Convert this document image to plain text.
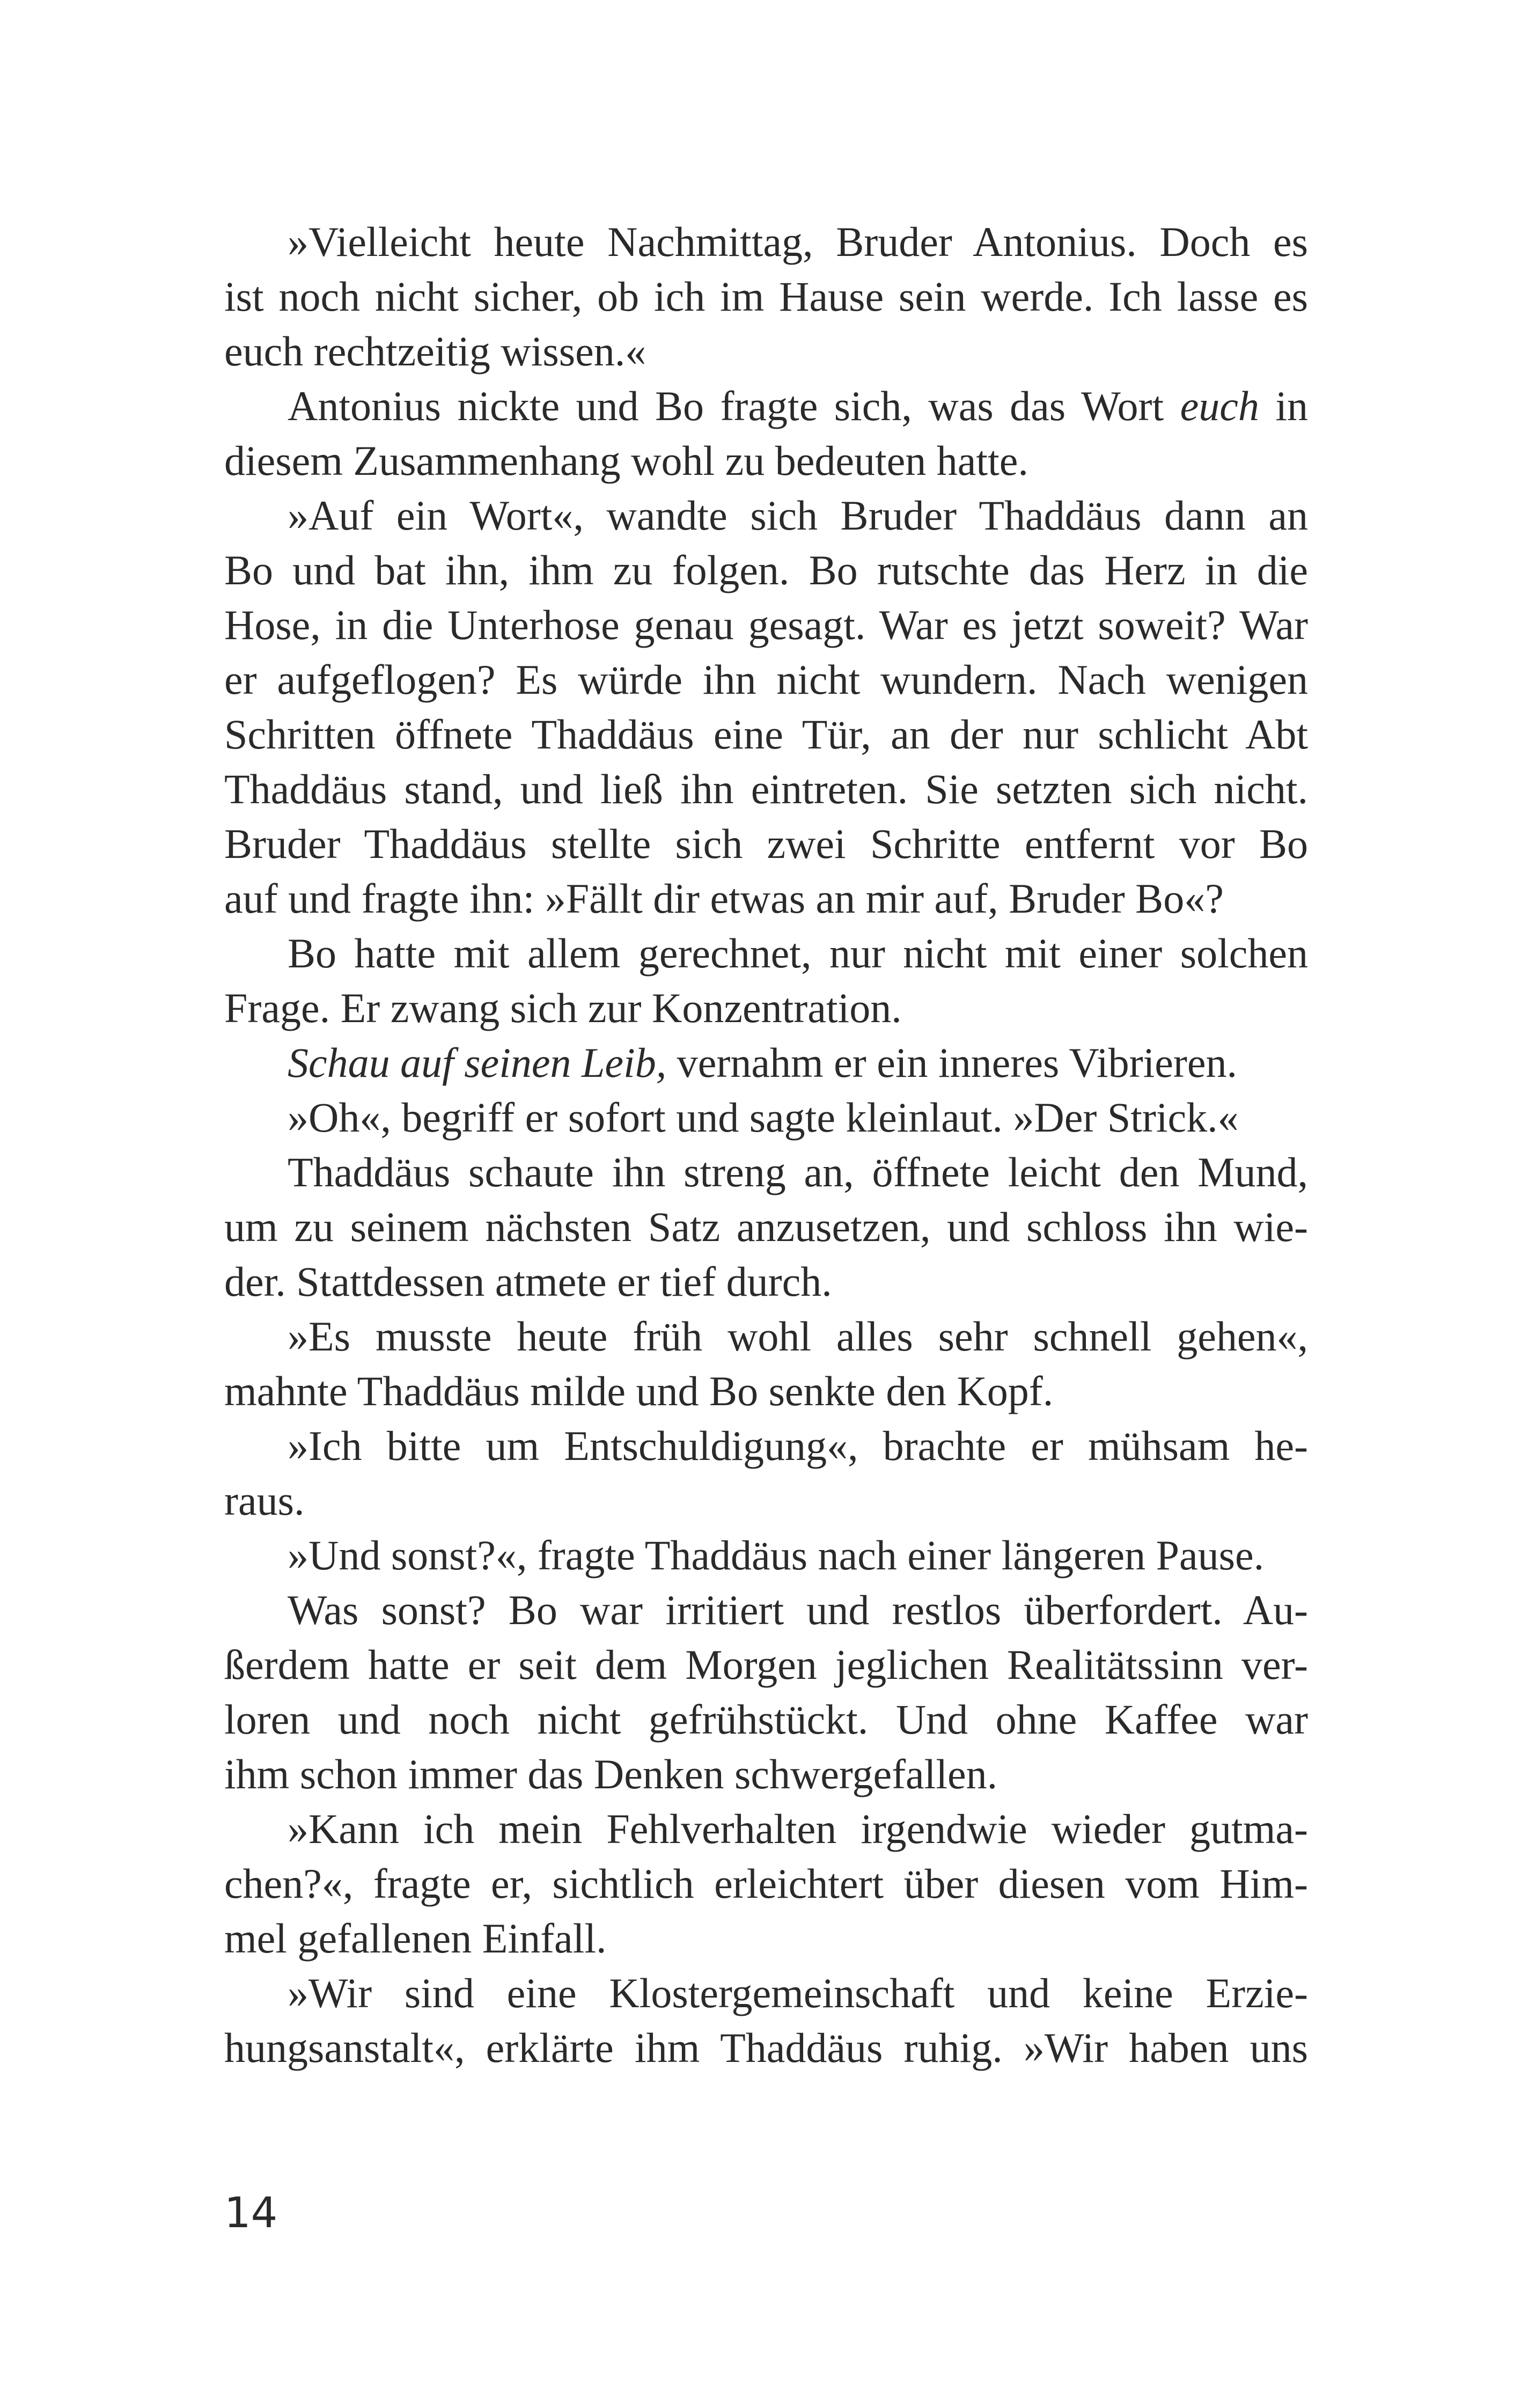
»Vielleicht heute Nachmittag, Bruder Antonius. Doch es
ist noch nicht sicher, ob ich im Hause sein werde. Ich lasse es
euch rechtzeitig wissen.«
Antonius nickte und Bo fragte sich, was das Wort euch in
diesem Zusammenhang wohl zu bedeuten hatte.
»Auf ein Wort«, wandte sich Bruder Thaddäus dann an
Bo und bat ihn, ihm zu folgen. Bo rutschte das Herz in die
Hose, in die Unterhose genau gesagt. War es jetzt soweit? War
er aufgeflogen? Es würde ihn nicht wundern. Nach wenigen
Schritten öffnete Thaddäus eine Tür, an der nur schlicht Abt
Thaddäus stand, und ließ ihn eintreten. Sie setzten sich nicht.
Bruder Thaddäus stellte sich zwei Schritte entfernt vor Bo
auf und fragte ihn: »Fällt dir etwas an mir auf, Bruder Bo«?
Bo hatte mit allem gerechnet, nur nicht mit einer solchen
Frage. Er zwang sich zur Konzentration.
Schau auf seinen Leib, vernahm er ein inneres Vibrieren.
»Oh«, begriff er sofort und sagte kleinlaut. »Der Strick.«
Thaddäus schaute ihn streng an, öffnete leicht den Mund,
um zu seinem nächsten Satz anzusetzen, und schloss ihn wie-
der. Stattdessen atmete er tief durch.
»Es musste heute früh wohl alles sehr schnell gehen«,
mahnte Thaddäus milde und Bo senkte den Kopf.
»Ich bitte um Entschuldigung«, brachte er mühsam he-
raus.
»Und sonst?«, fragte Thaddäus nach einer längeren Pause.
Was sonst? Bo war irritiert und restlos überfordert. Au-
ßerdem hatte er seit dem Morgen jeglichen Realitätssinn ver-
loren und noch nicht gefrühstückt. Und ohne Kaffee war
ihm schon immer das Denken schwergefallen.
»Kann ich mein Fehlverhalten irgendwie wieder gutma-
chen?«, fragte er, sichtlich erleichtert über diesen vom Him-
mel gefallenen Einfall.
»Wir sind eine Klostergemeinschaft und keine Erzie-
hungsanstalt«, erklärte ihm Thaddäus ruhig. »Wir haben uns
14
